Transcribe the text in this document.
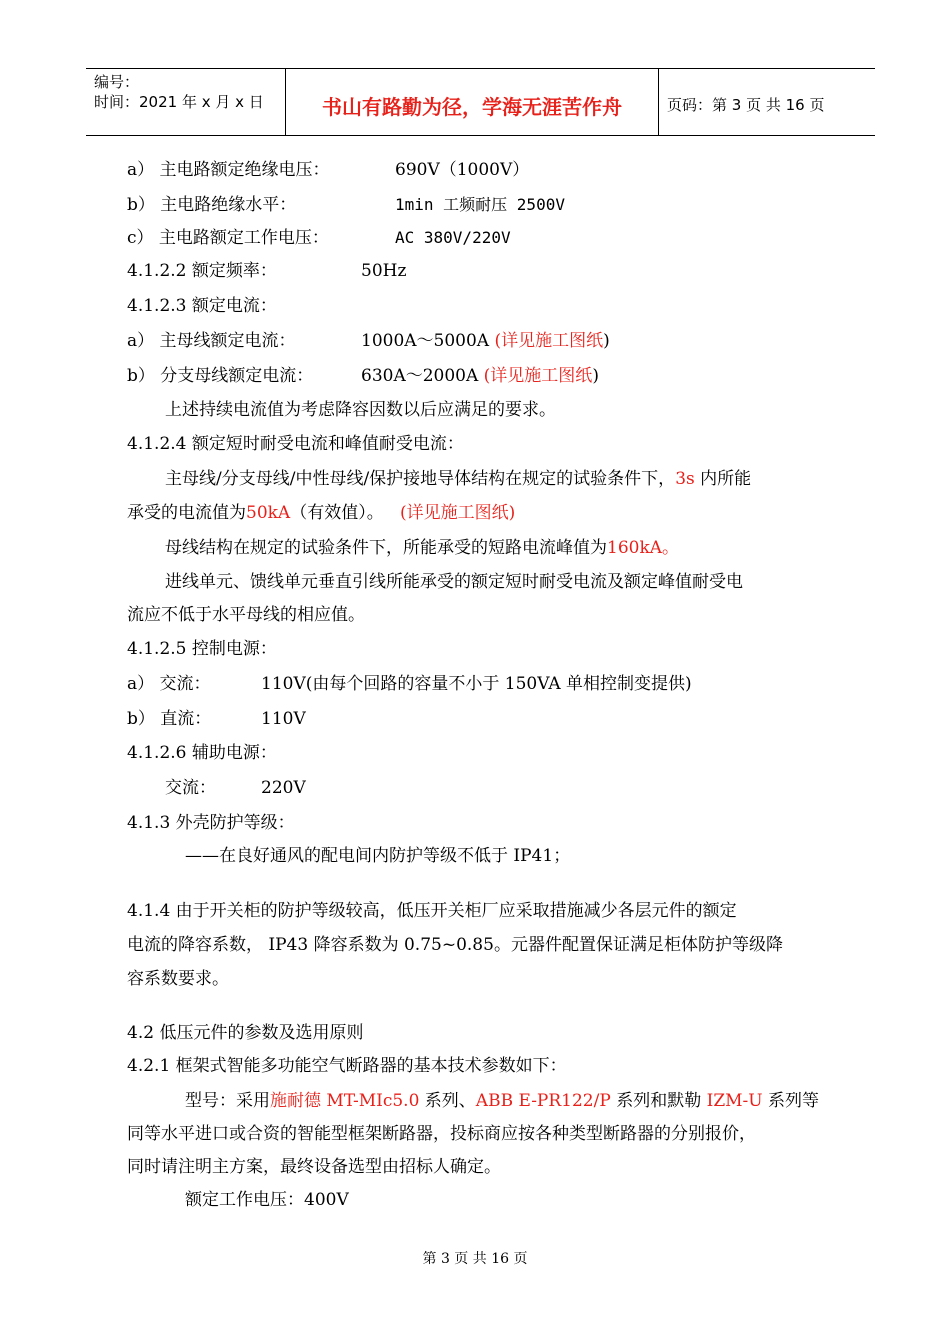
编号：
时间：2021 年 x 月 x 日	书山有路勤为径，学海无涯苦作舟	页码：第 3 页 共 16 页
a） 主电路额定绝缘电压：	690V（1000V）
b） 主电路绝缘水平：	1min 工频耐压 2500V
c） 主电路额定工作电压：	AC 380V/220V
4.1.2.2 额定频率：	50Hz
4.1.2.3 额定电流：
a） 主母线额定电流：	1000A～5000A (详见施工图纸)
b） 分支母线额定电流：	630A～2000A (详见施工图纸)
上述持续电流值为考虑降容因数以后应满足的要求。
4.1.2.4 额定短时耐受电流和峰值耐受电流：
主母线/分支母线/中性母线/保护接地导体结构在规定的试验条件下，3s 内所能
承受的电流值为50kA（有效值）。 (详见施工图纸)
母线结构在规定的试验条件下，所能承受的短路电流峰值为160kA。
进线单元、馈线单元垂直引线所能承受的额定短时耐受电流及额定峰值耐受电
流应不低于水平母线的相应值。
4.1.2.5 控制电源：
a） 交流：	110V(由每个回路的容量不小于 150VA 单相控制变提供)
b） 直流：	110V
4.1.2.6 辅助电源：
交流：	220V
4.1.3 外壳防护等级：
——在良好通风的配电间内防护等级不低于 IP41；
4.1.4 由于开关柜的防护等级较高，低压开关柜厂应采取措施减少各层元件的额定
电流的降容系数， IP43 降容系数为 0.75~0.85。元器件配置保证满足柜体防护等级降
容系数要求。
4.2 低压元件的参数及选用原则
4.2.1 框架式智能多功能空气断路器的基本技术参数如下：
型号：采用施耐德 MT-MIc5.0 系列、ABB E-PR122/P 系列和默勒 IZM-U 系列等
同等水平进口或合资的智能型框架断路器，投标商应按各种类型断路器的分别报价，
同时请注明主方案，最终设备选型由招标人确定。
额定工作电压：400V
第 3 页 共 16 页
